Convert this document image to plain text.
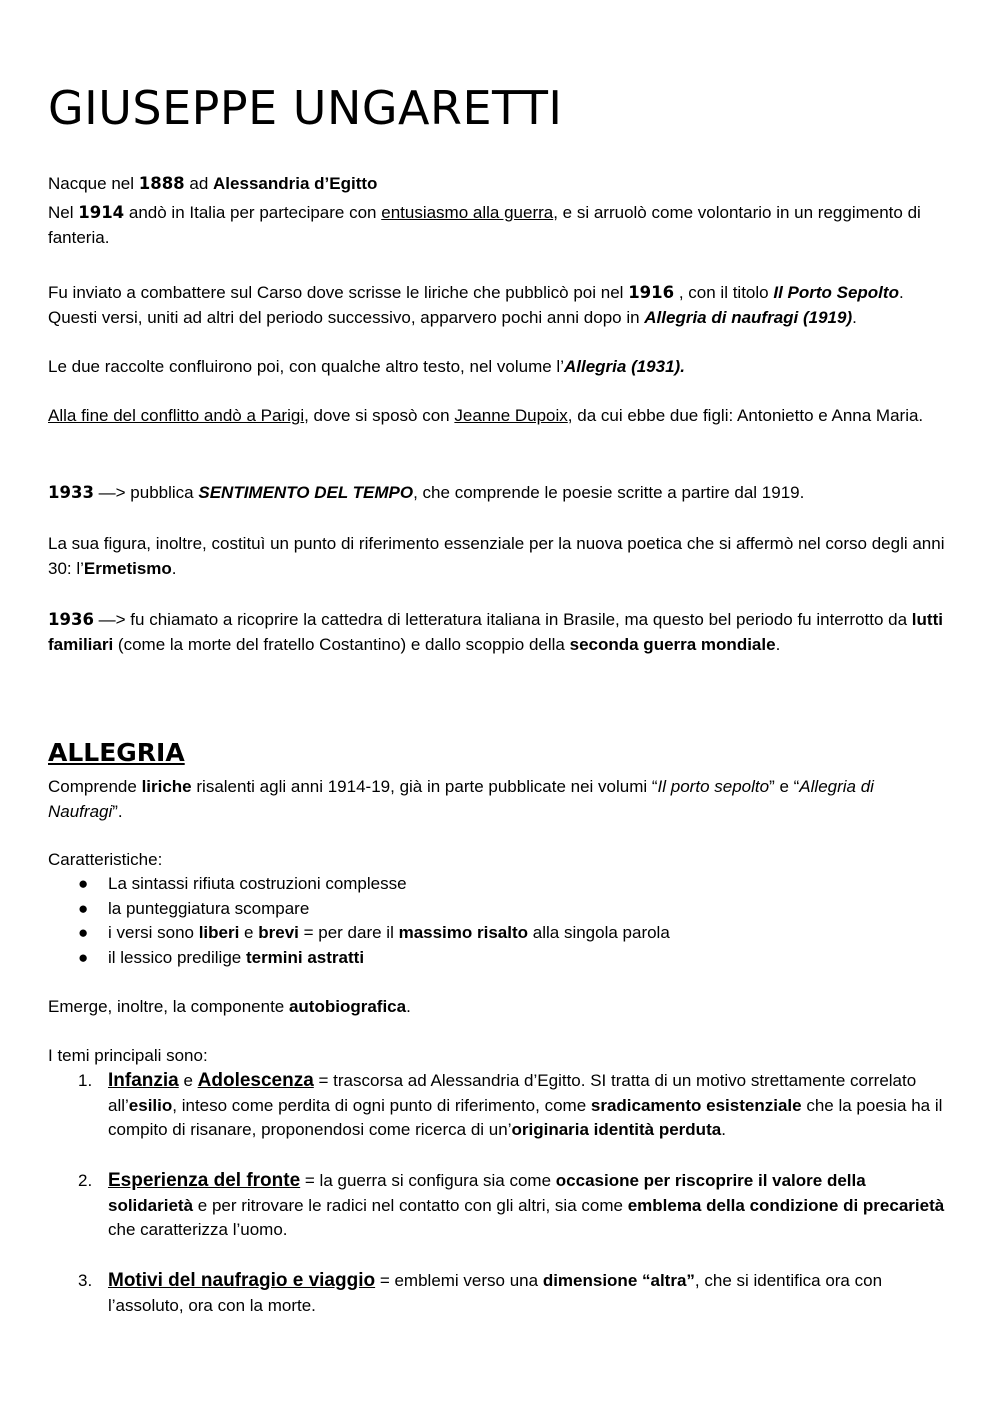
GIUSEPPE UNGARETTI

Nacque nel 1888 ad Alessandria d’Egitto

Nel 1914 andò in Italia per partecipare con entusiasmo alla guerra, e si arruolò come volontario in un reggimento di fanteria.

Fu inviato a combattere sul Carso dove scrisse le liriche che pubblicò poi nel 1916 , con il titolo Il Porto Sepolto. Questi versi, uniti ad altri del periodo successivo, apparvero pochi anni dopo in Allegria di naufragi (1919).

Le due raccolte confluirono poi, con qualche altro testo, nel volume l’Allegria (1931).

Alla fine del conflitto andò a Parigi, dove si sposò con Jeanne Dupoix, da cui ebbe due figli: Antonietto e Anna Maria.

1933 —> pubblica SENTIMENTO DEL TEMPO, che comprende le poesie scritte a partire dal 1919.

La sua figura, inoltre, costituì un punto di riferimento essenziale per la nuova poetica che si affermò nel corso degli anni 30: l’Ermetismo.

1936 —> fu chiamato a ricoprire la cattedra di letteratura italiana in Brasile, ma questo bel periodo fu interrotto da lutti familiari (come la morte del fratello Costantino) e dallo scoppio della seconda guerra mondiale.

ALLEGRIA

Comprende liriche risalenti agli anni 1914-19, già in parte pubblicate nei volumi “Il porto sepolto” e “Allegria di Naufragi”.

Caratteristiche:

● La sintassi rifiuta costruzioni complesse
● la punteggiatura scompare
● i versi sono liberi e brevi = per dare il massimo risalto alla singola parola
● il lessico predilige termini astratti

Emerge, inoltre, la componente autobiografica.

I temi principali sono:

1. Infanzia e Adolescenza = trascorsa ad Alessandria d’Egitto. SI tratta di un motivo strettamente correlato all’esilio, inteso come perdita di ogni punto di riferimento, come sradicamento esistenziale che la poesia ha il compito di risanare, proponendosi come ricerca di un’originaria identità perduta.
2. Esperienza del fronte = la guerra si configura sia come occasione per riscoprire il valore della solidarietà e per ritrovare le radici nel contatto con gli altri, sia come emblema della condizione di precarietà che caratterizza l’uomo.
3. Motivi del naufragio e viaggio = emblemi verso una dimensione “altra”, che si identifica ora con l’assoluto, ora con la morte.
